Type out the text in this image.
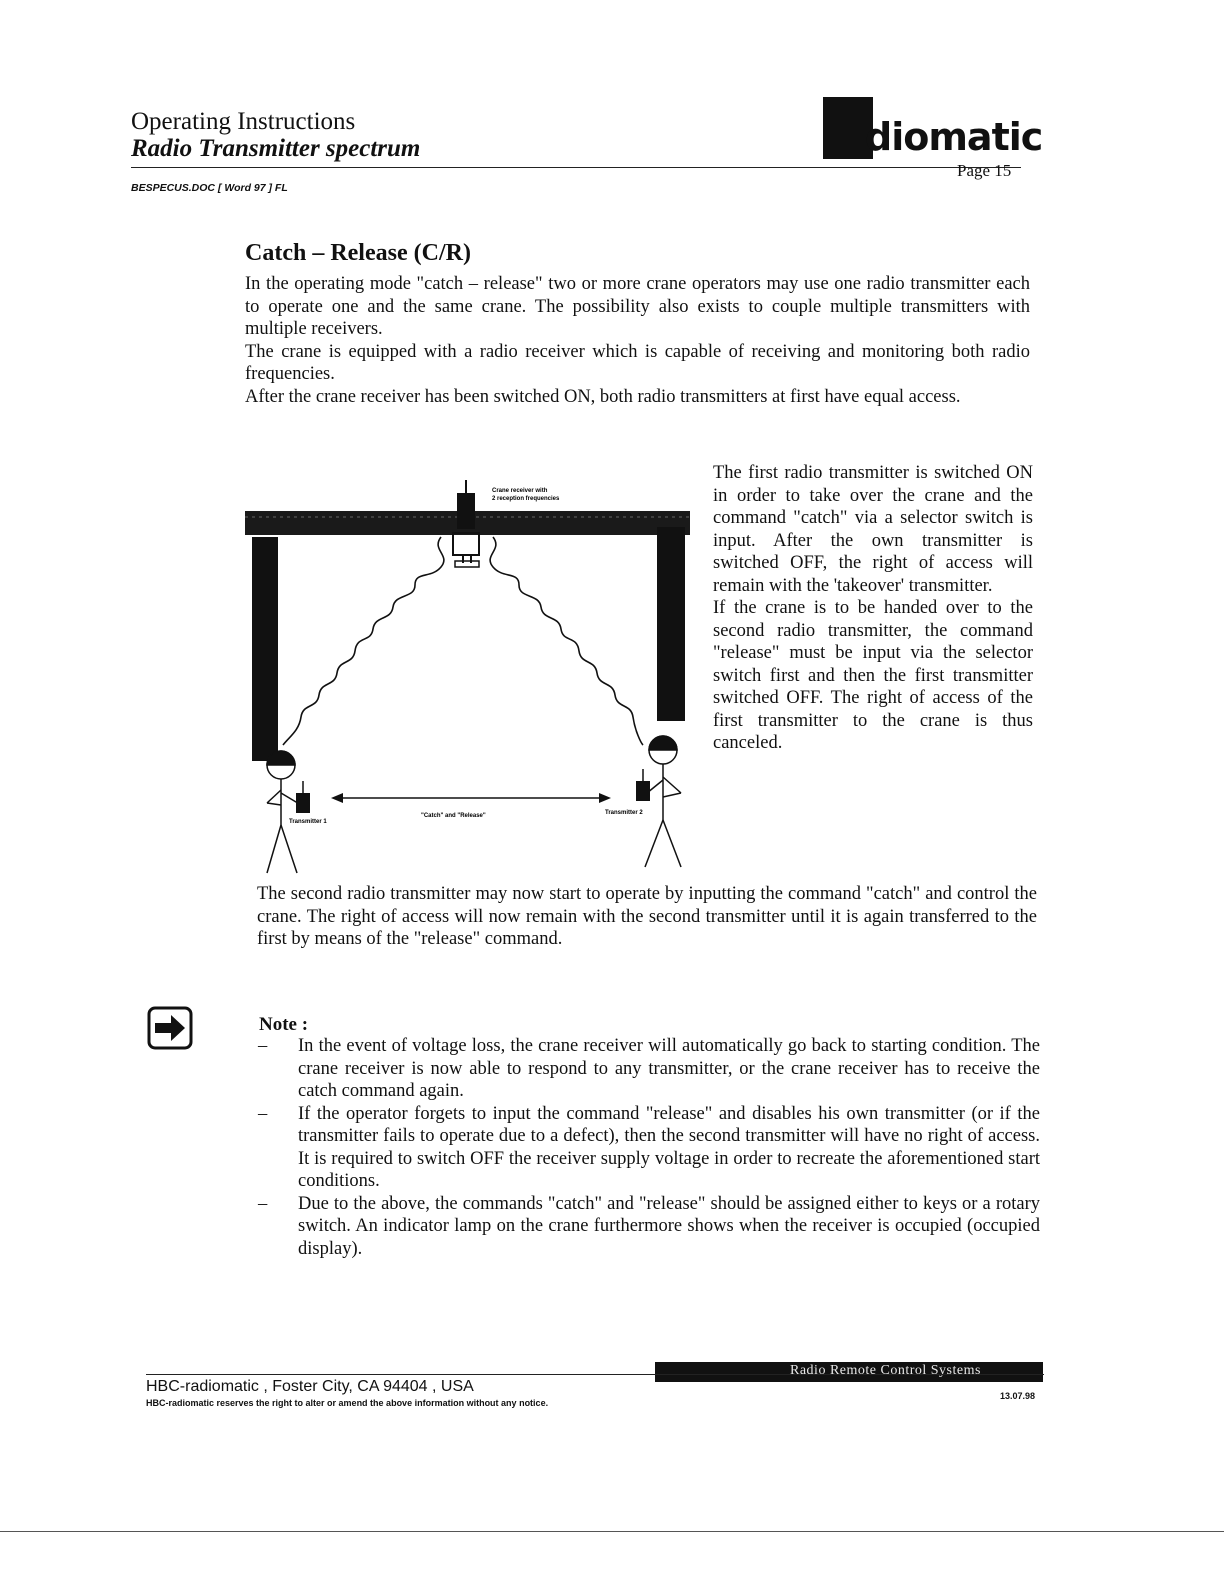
Operating Instructions
Radio Transmitter spectrum
BESPECUS.DOC [ Word 97 ] FL
diomatic
Page 15
Catch – Release (C/R)

In the operating mode "catch – release" two or more crane operators may use one radio transmitter each to operate one and the same crane. The possibility also exists to couple multiple transmitters with multiple receivers.

The crane is equipped with a radio receiver which is capable of receiving and monitoring both radio frequencies.

After the crane receiver has been switched ON, both radio transmitters at first have equal access.

Crane receiver with
2 reception frequencies
Transmitter 1
"Catch" and "Release"	Transmitter 2

The first radio transmitter is switched ON in order to take over the crane and the command "catch" via a selector switch is input. After the own transmitter is switched OFF, the right of access will remain with the 'takeover' transmitter.

If the crane is to be handed over to the second radio transmitter, the command "release" must be input via the selector switch first and then the first transmitter switched OFF. The right of access of the first transmitter to the crane is thus canceled.

The second radio transmitter may now start to operate by inputting the command "catch" and control the crane. The right of access will now remain with the second transmitter until it is again transferred to the first by means of the "release" command.

Note :
– In the event of voltage loss, the crane receiver will automatically go back to starting condition. The crane receiver is now able to respond to any transmitter, or the crane receiver has to receive the catch command again.

– If the operator forgets to input the command "release" and disables his own transmitter (or if the transmitter fails to operate due to a defect), then the second transmitter will have no right of access. It is required to switch OFF the receiver supply voltage in order to recreate the aforementioned start conditions.

– Due to the above, the commands "catch" and "release" should be assigned either to keys or a rotary switch. An indicator lamp on the crane furthermore shows when the receiver is occupied (occupied display).

Radio Remote Control Systems
HBC-radiomatic , Foster City, CA 94404 , USA
HBC-radiomatic reserves the right to alter or amend the above information without any notice.
13.07.98
